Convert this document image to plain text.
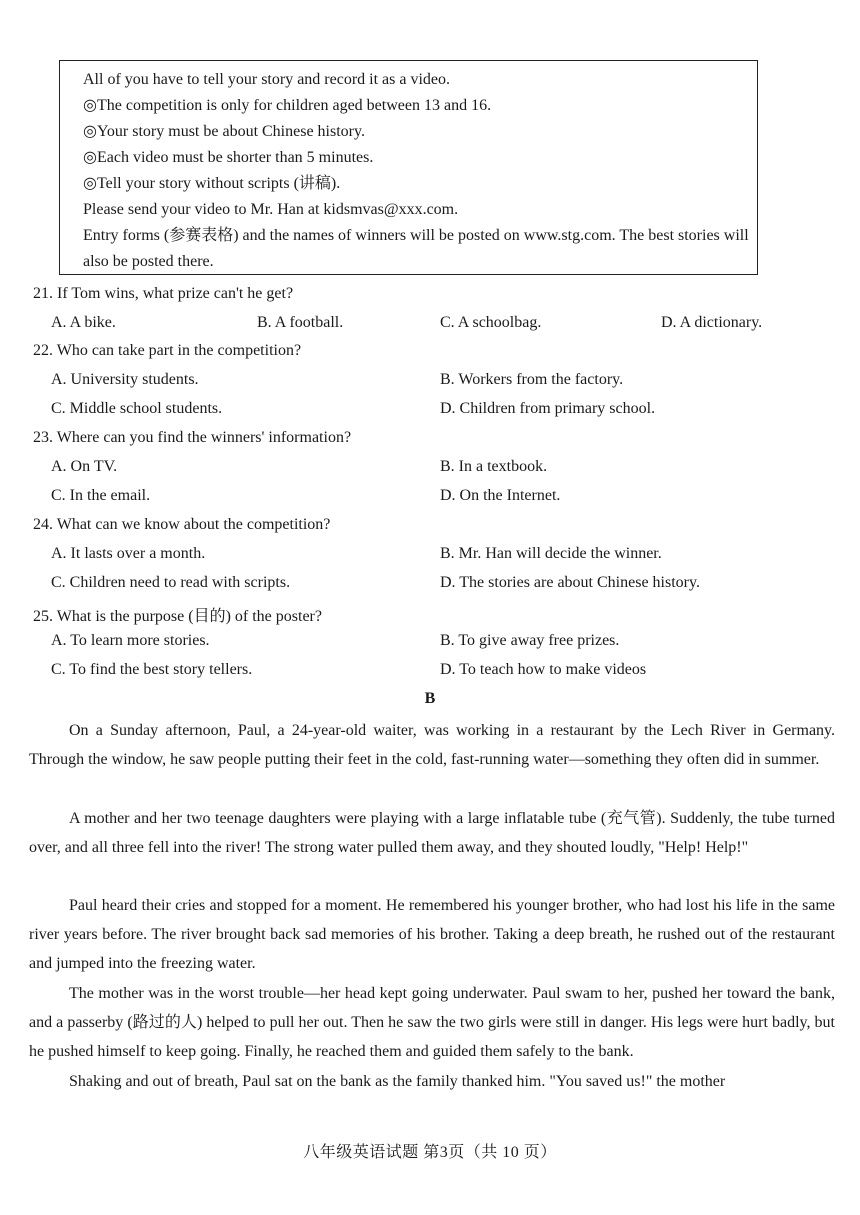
All of you have to tell your story and record it as a video.
◎The competition is only for children aged between 13 and 16.
◎Your story must be about Chinese history.
◎Each video must be shorter than 5 minutes.
◎Tell your story without scripts (讲稿).
Please send your video to Mr. Han at kidsmvas@xxx.com.
Entry forms (参赛表格) and the names of winners will be posted on www.stg.com. The best stories will also be posted there.
21. If Tom wins, what prize can't he get?
A. A bike.	B. A football.	C. A schoolbag.	D. A dictionary.
22. Who can take part in the competition?
A. University students.	B. Workers from the factory.
C. Middle school students.	D. Children from primary school.
23. Where can you find the winners' information?
A. On TV.	B. In a textbook.
C. In the email.	D. On the Internet.
24. What can we know about the competition?
A. It lasts over a month.	B. Mr. Han will decide the winner.
C. Children need to read with scripts.	D. The stories are about Chinese history.
25. What is the purpose (目的) of the poster?
A. To learn more stories.	B. To give away free prizes.
C. To find the best story tellers.	D. To teach how to make videos
B
On a Sunday afternoon, Paul, a 24-year-old waiter, was working in a restaurant by the Lech River in Germany. Through the window, he saw people putting their feet in the cold, fast-running water—something they often did in summer.
A mother and her two teenage daughters were playing with a large inflatable tube (充气管). Suddenly, the tube turned over, and all three fell into the river! The strong water pulled them away, and they shouted loudly, "Help! Help!"
Paul heard their cries and stopped for a moment. He remembered his younger brother, who had lost his life in the same river years before. The river brought back sad memories of his brother. Taking a deep breath, he rushed out of the restaurant and jumped into the freezing water.
The mother was in the worst trouble—her head kept going underwater. Paul swam to her, pushed her toward the bank, and a passerby (路过的人) helped to pull her out. Then he saw the two girls were still in danger. His legs were hurt badly, but he pushed himself to keep going. Finally, he reached them and guided them safely to the bank.
Shaking and out of breath, Paul sat on the bank as the family thanked him. "You saved us!" the mother
八年级英语试题 第3页（共 10 页）
